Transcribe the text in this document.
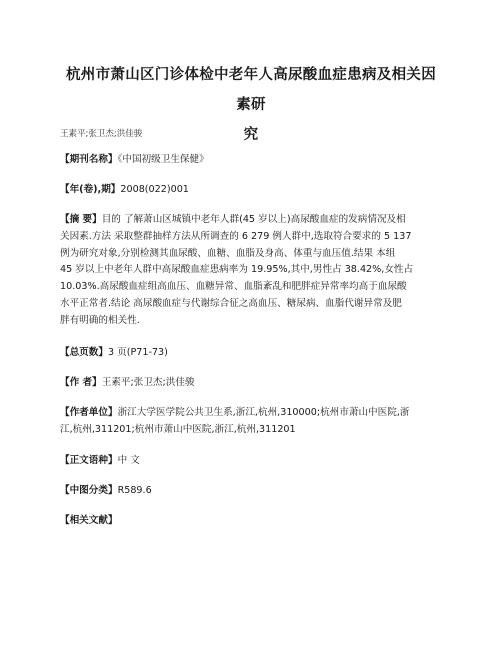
杭州市萧山区门诊体检中老年人高尿酸血症患病及相关因素研
究
王素平;张卫杰;洪佳骏
【期刊名称】《中国初级卫生保健》
【年(卷),期】2008(022)001
【摘 要】目的 了解萧山区城镇中老年人群(45 岁以上)高尿酸血症的发病情况及相
关因素.方法 采取整群抽样方法从所调查的 6 279 例人群中,选取符合要求的 5 137
例为研究对象,分别检测其血尿酸、血糖、血脂及身高、体重与血压值.结果 本组
45 岁以上中老年人群中高尿酸血症患病率为 19.95%,其中,男性占 38.42%,女性占
10.03%.高尿酸血症组高血压、血糖异常、血脂紊乱和肥胖症异常率均高于血尿酸
水平正常者.结论 高尿酸血症与代谢综合征之高血压、糖尿病、血脂代谢异常及肥
胖有明确的相关性.
【总页数】3 页(P71-73)
【作 者】王素平;张卫杰;洪佳骏
【作者单位】浙江大学医学院公共卫生系,浙江,杭州,310000;杭州市萧山中医院,浙
江,杭州,311201;杭州市萧山中医院,浙江,杭州,311201
【正文语种】中 文
【中图分类】R589.6
【相关文献】
